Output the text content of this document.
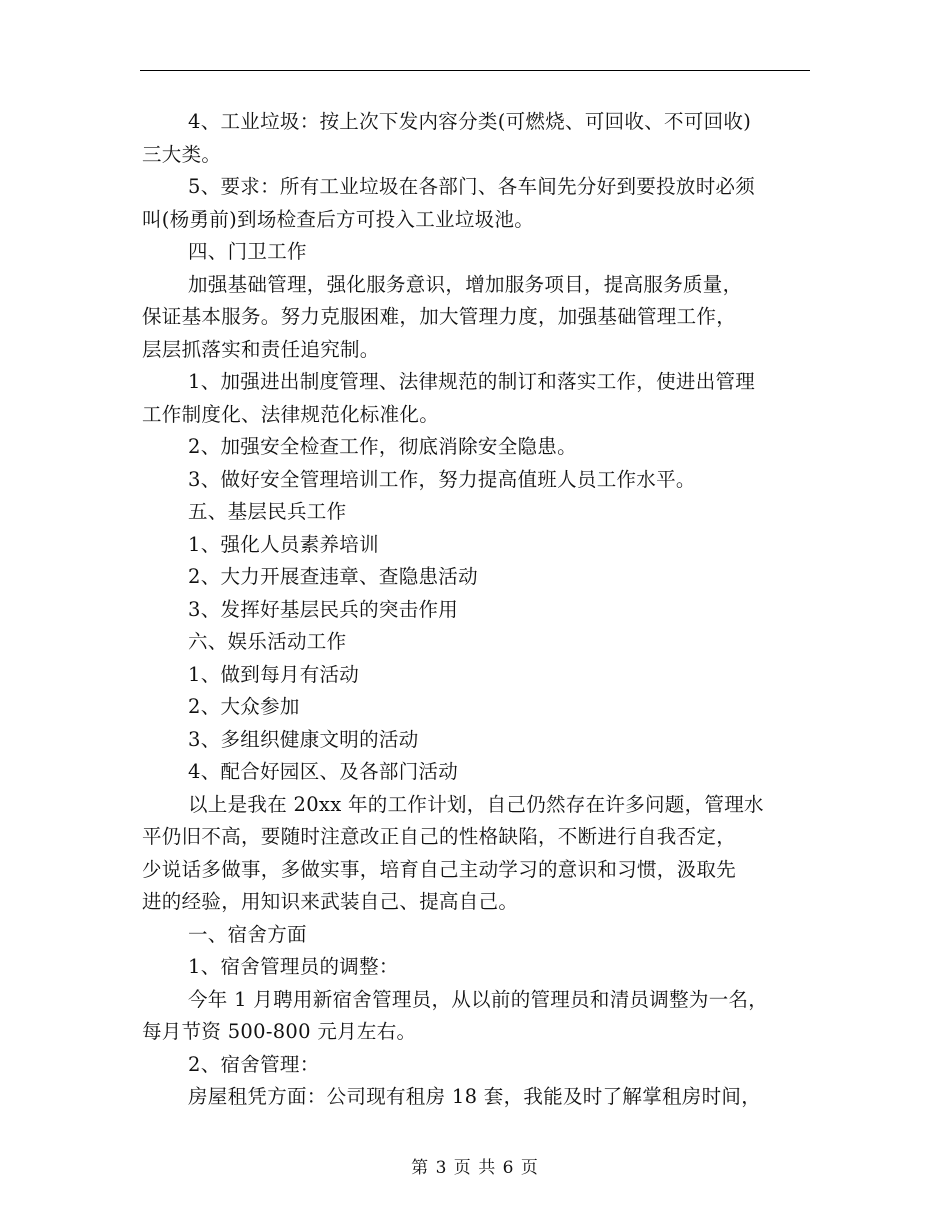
4、工业垃圾：按上次下发内容分类(可燃烧、可回收、不可回收)
三大类。
5、要求：所有工业垃圾在各部门、各车间先分好到要投放时必须
叫(杨勇前)到场检查后方可投入工业垃圾池。
四、门卫工作
加强基础管理，强化服务意识，增加服务项目，提高服务质量，
保证基本服务。努力克服困难，加大管理力度，加强基础管理工作，
层层抓落实和责任追究制。
1、加强进出制度管理、法律规范的制订和落实工作，使进出管理
工作制度化、法律规范化标准化。
2、加强安全检查工作，彻底消除安全隐患。
3、做好安全管理培训工作，努力提高值班人员工作水平。
五、基层民兵工作
1、强化人员素养培训
2、大力开展查违章、查隐患活动
3、发挥好基层民兵的突击作用
六、娱乐活动工作
1、做到每月有活动
2、大众参加
3、多组织健康文明的活动
4、配合好园区、及各部门活动
以上是我在 20xx 年的工作计划，自己仍然存在许多问题，管理水
平仍旧不高，要随时注意改正自己的性格缺陷，不断进行自我否定，
少说话多做事，多做实事，培育自己主动学习的意识和习惯，汲取先
进的经验，用知识来武装自己、提高自己。
一、宿舍方面
1、宿舍管理员的调整：
今年 1 月聘用新宿舍管理员，从以前的管理员和清员调整为一名，
每月节资 500-800 元月左右。
2、宿舍管理：
房屋租凭方面：公司现有租房 18 套，我能及时了解掌租房时间，
第 3 页 共 6 页
